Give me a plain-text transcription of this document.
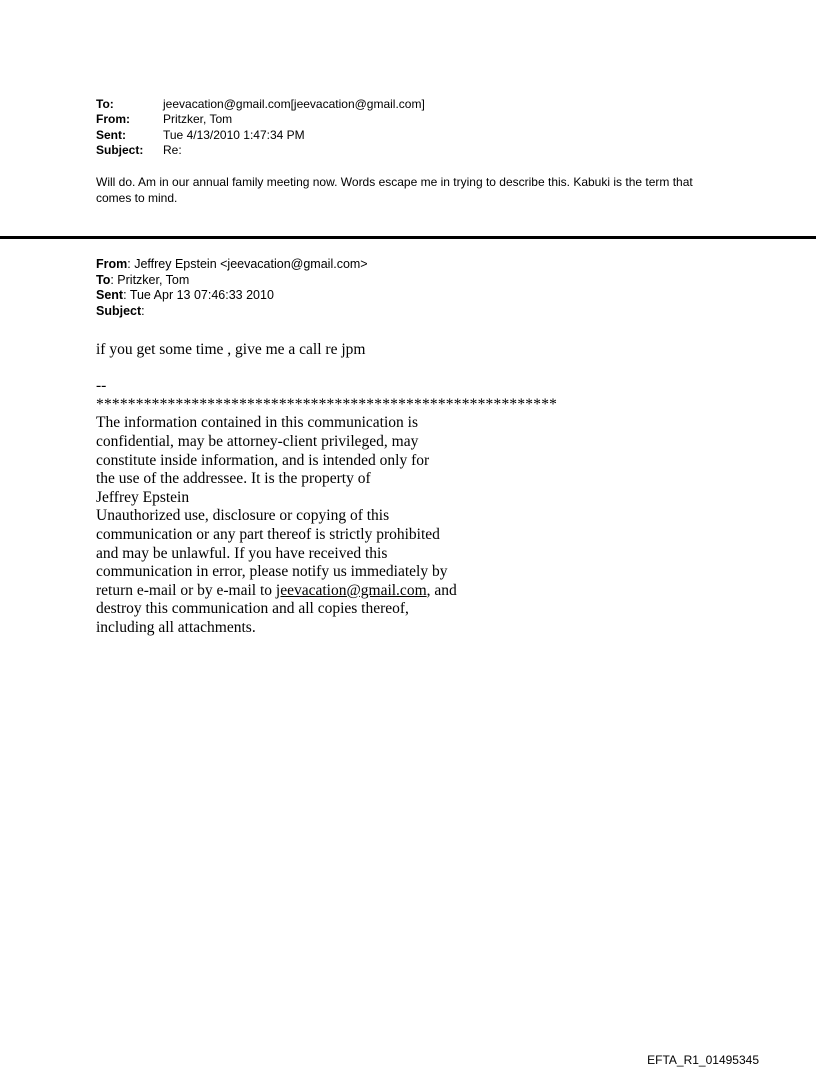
To:	jeevacation@gmail.com[jeevacation@gmail.com]
From:	Pritzker, Tom
Sent:	Tue 4/13/2010 1:47:34 PM
Subject:	Re:

Will do. Am in our annual family meeting now. Words escape me in trying to describe this. Kabuki is the term that comes to mind.

From: Jeffrey Epstein <jeevacation@gmail.com>
To: Pritzker, Tom
Sent: Tue Apr 13 07:46:33 2010
Subject:
if you get some time , give me a call re jpm
--
**********************************************************
The information contained in this communication is
confidential, may be attorney-client privileged, may
constitute inside information, and is intended only for
the use of the addressee. It is the property of
Jeffrey Epstein
Unauthorized use, disclosure or copying of this
communication or any part thereof is strictly prohibited
and may be unlawful. If you have received this
communication in error, please notify us immediately by
return e-mail or by e-mail to jeevacation@gmail.com, and
destroy this communication and all copies thereof,
including all attachments.
EFTA_R1_01495345
